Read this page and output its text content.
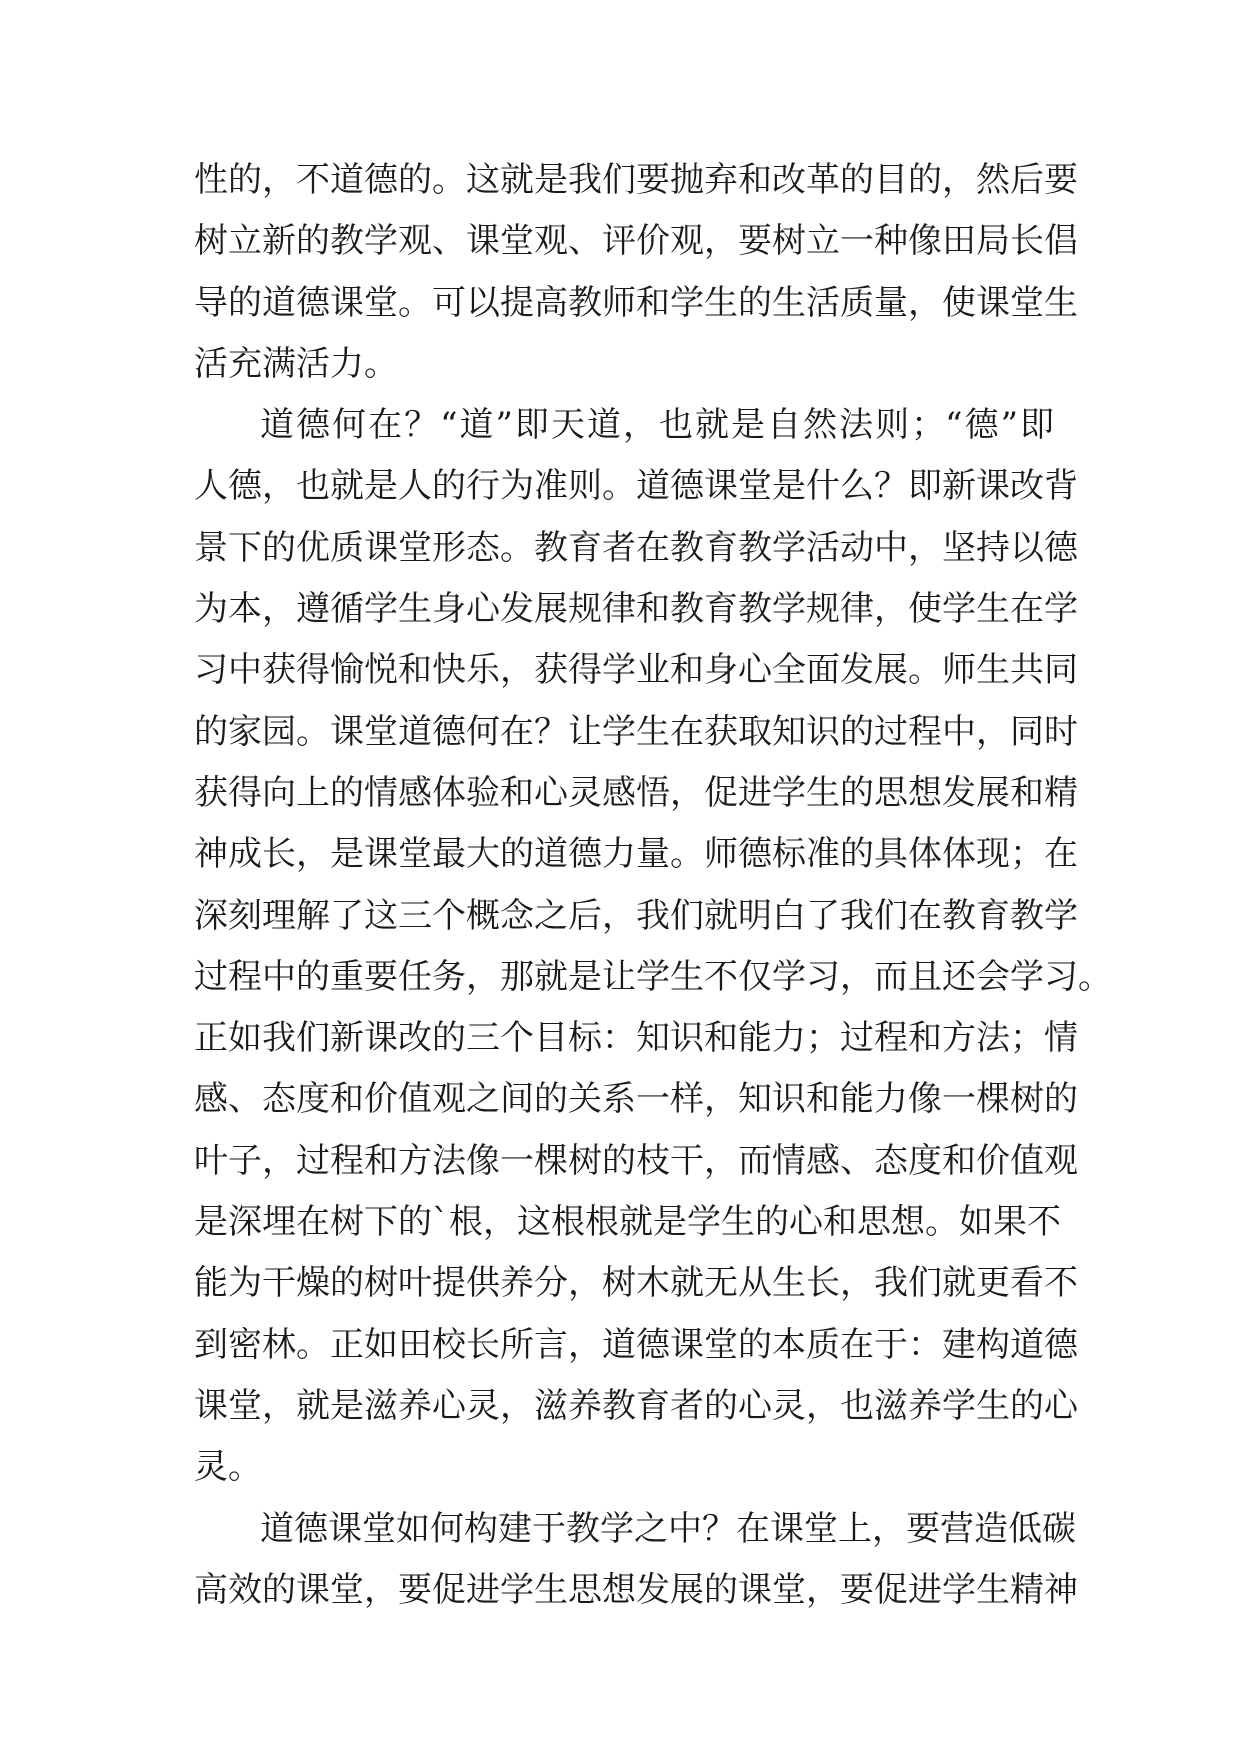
性的，不道德的。这就是我们要抛弃和改革的目的，然后要
树立新的教学观、课堂观、评价观，要树立一种像田局长倡
导的道德课堂。可以提高教师和学生的生活质量，使课堂生
活充满活力。
道德何在？“道”即天道，也就是自然法则；“德”即
人德，也就是人的行为准则。道德课堂是什么？即新课改背
景下的优质课堂形态。教育者在教育教学活动中，坚持以德
为本，遵循学生身心发展规律和教育教学规律，使学生在学
习中获得愉悦和快乐，获得学业和身心全面发展。师生共同
的家园。课堂道德何在？让学生在获取知识的过程中，同时
获得向上的情感体验和心灵感悟，促进学生的思想发展和精
神成长，是课堂最大的道德力量。师德标准的具体体现；在
深刻理解了这三个概念之后，我们就明白了我们在教育教学
过程中的重要任务，那就是让学生不仅学习，而且还会学习。
正如我们新课改的三个目标：知识和能力；过程和方法；情
感、态度和价值观之间的关系一样，知识和能力像一棵树的
叶子，过程和方法像一棵树的枝干，而情感、态度和价值观
是深埋在树下的`根，这根根就是学生的心和思想。如果不
能为干燥的树叶提供养分，树木就无从生长，我们就更看不
到密林。正如田校长所言，道德课堂的本质在于：建构道德
课堂，就是滋养心灵，滋养教育者的心灵，也滋养学生的心
灵。
道德课堂如何构建于教学之中？在课堂上，要营造低碳
高效的课堂，要促进学生思想发展的课堂，要促进学生精神
